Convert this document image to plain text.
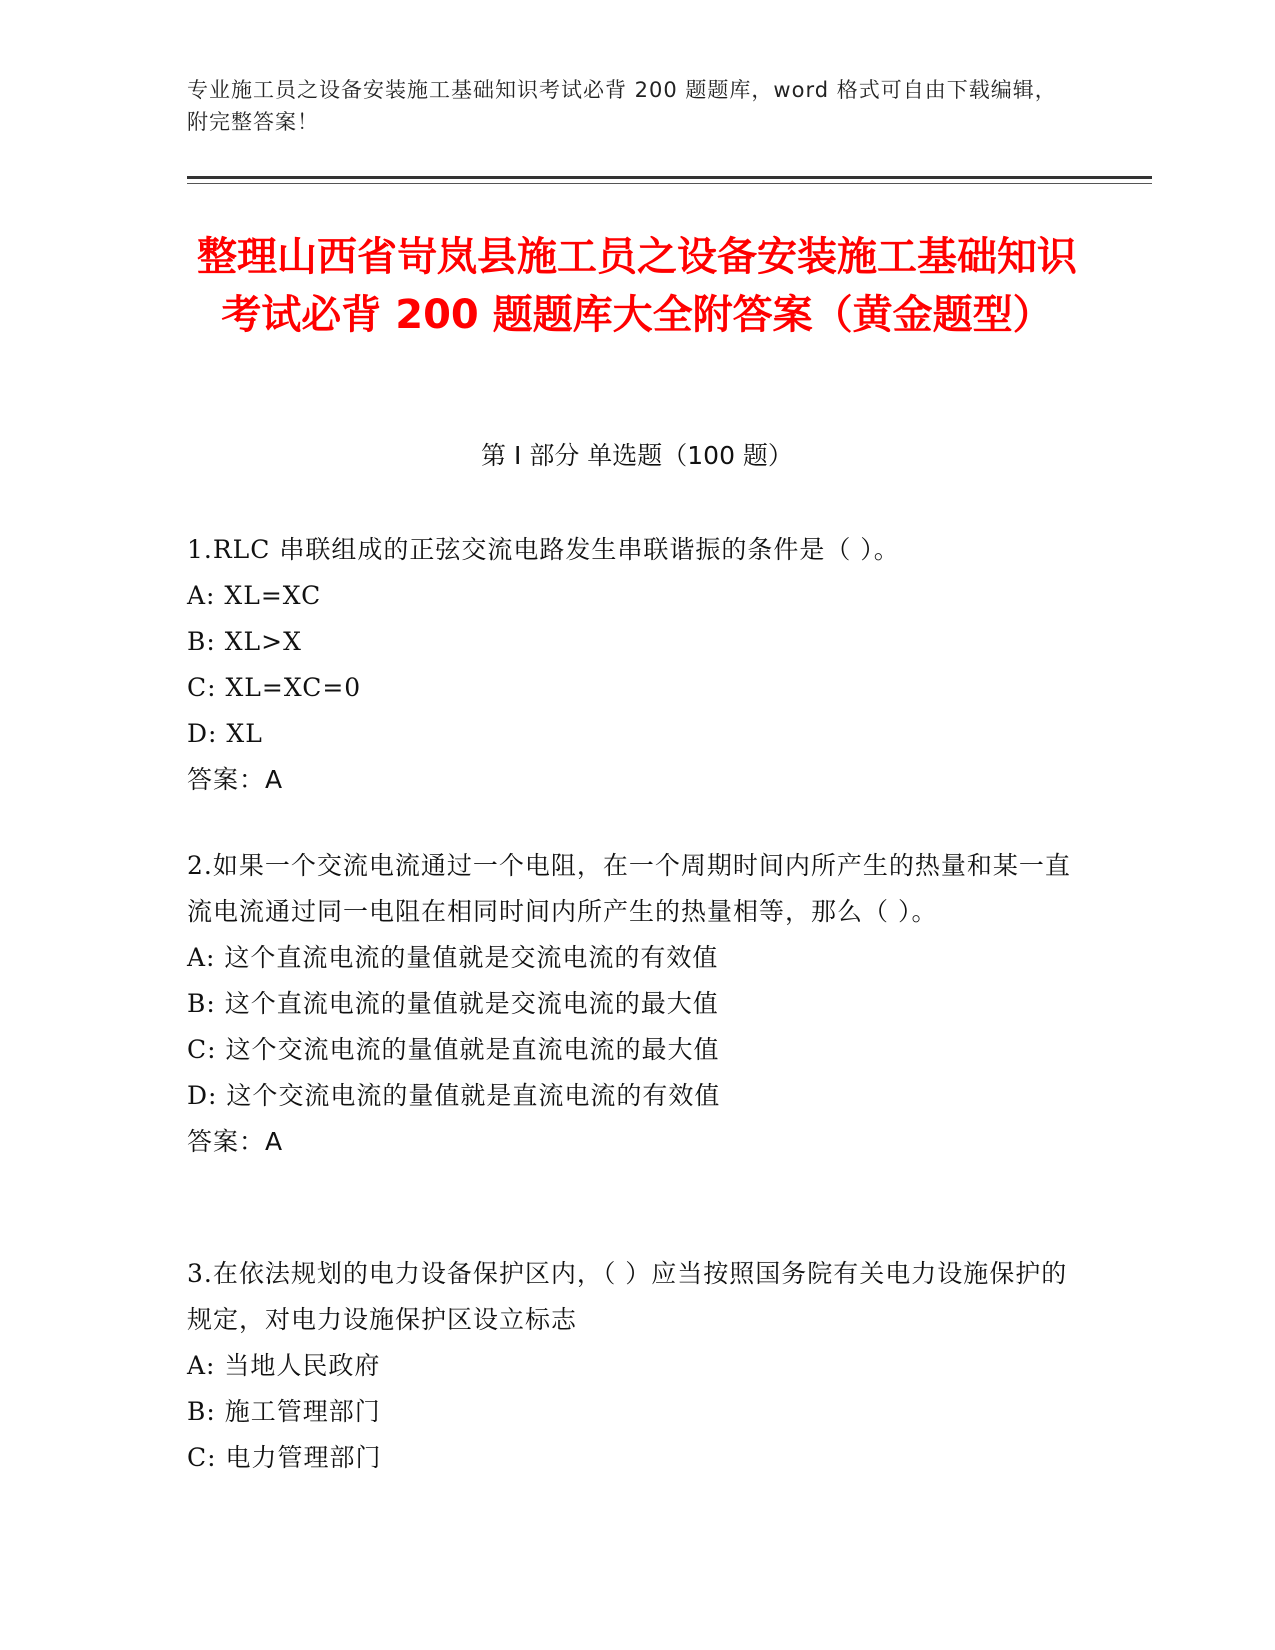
专业施工员之设备安装施工基础知识考试必背 200 题题库，word 格式可自由下载编辑，附完整答案！
整理山西省岢岚县施工员之设备安装施工基础知识考试必背 200 题题库大全附答案（黄金题型）
第 I 部分 单选题（100 题）

1.RLC 串联组成的正弦交流电路发生串联谐振的条件是（ ）。

A: XL=XC

B: XL>X

C: XL=XC=0

D: XL

答案：A

2.如果一个交流电流通过一个电阻，在一个周期时间内所产生的热量和某一直流电流通过同一电阻在相同时间内所产生的热量相等，那么（ ）。

A: 这个直流电流的量值就是交流电流的有效值

B: 这个直流电流的量值就是交流电流的最大值

C: 这个交流电流的量值就是直流电流的最大值

D: 这个交流电流的量值就是直流电流的有效值

答案：A

3.在依法规划的电力设备保护区内，（ ）应当按照国务院有关电力设施保护的规定，对电力设施保护区设立标志

A: 当地人民政府

B: 施工管理部门

C: 电力管理部门
